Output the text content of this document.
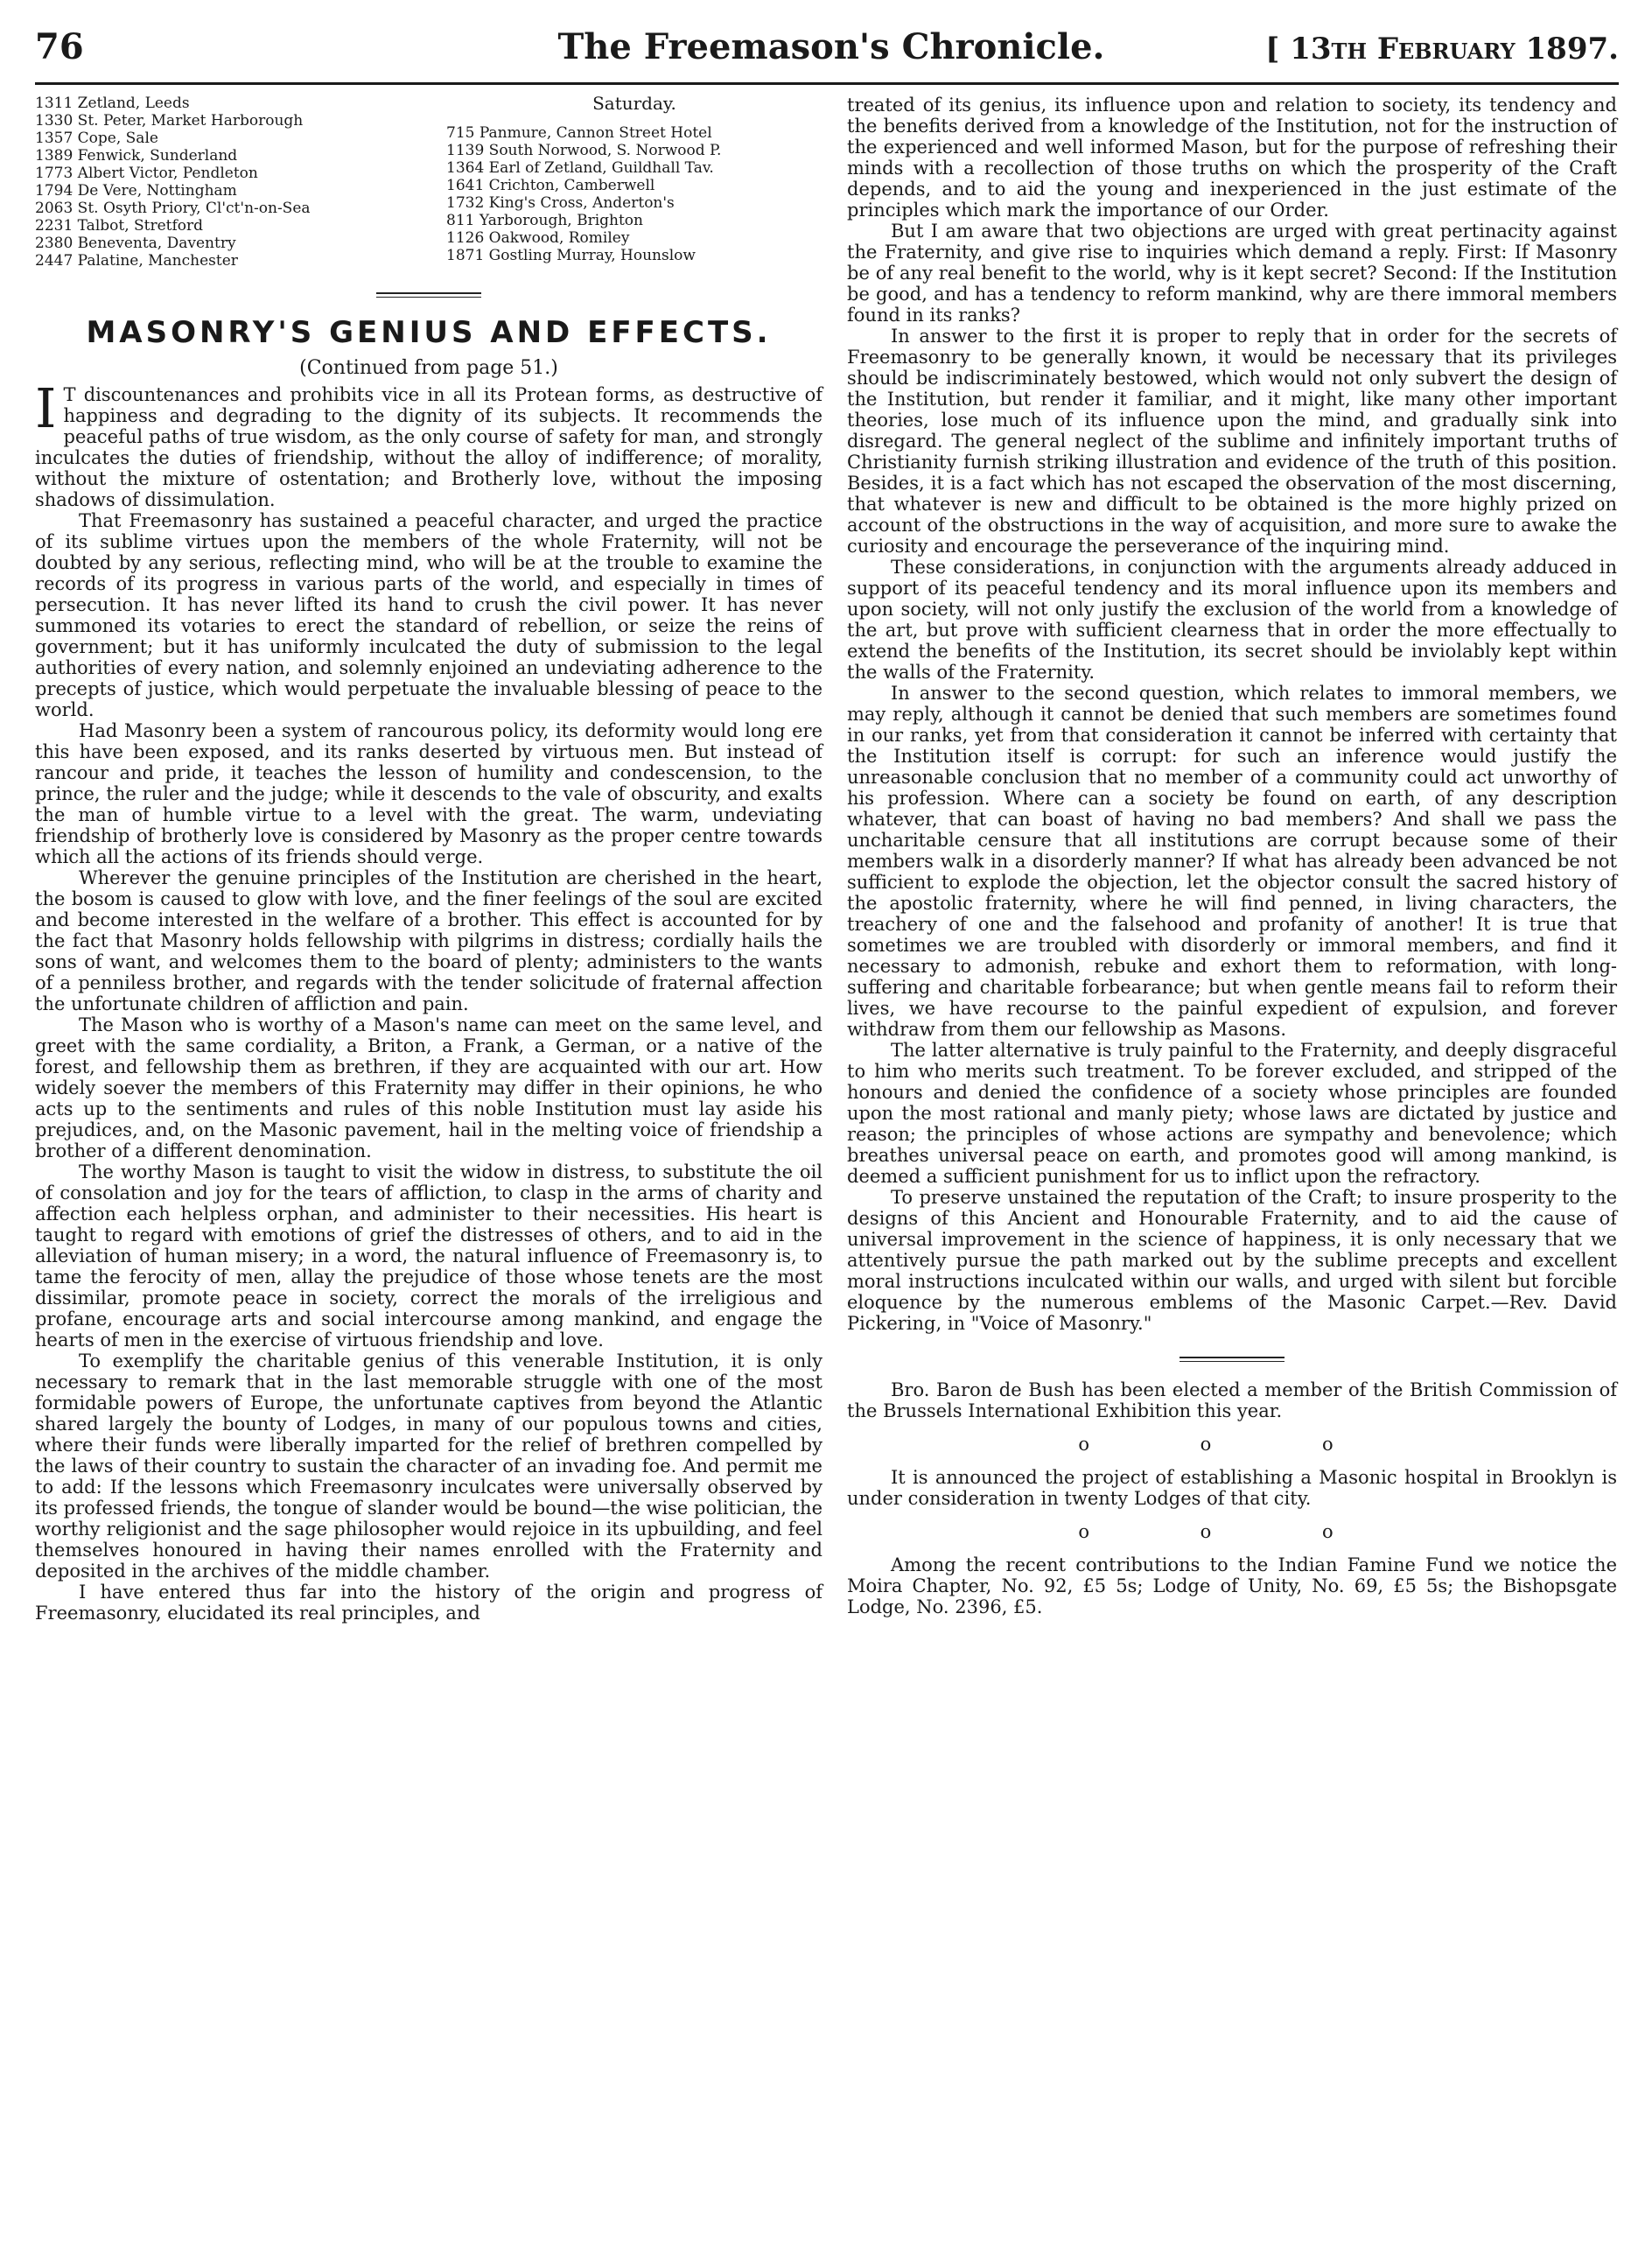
76	The Freemason's Chronicle.	[ 13th February 1897.
1311 Zetland, Leeds
1330 St. Peter, Market Harborough
1357 Cope, Sale
1389 Fenwick, Sunderland
1773 Albert Victor, Pendleton
1794 De Vere, Nottingham
2063 St. Osyth Priory, Cl'ct'n-on-Sea
2231 Talbot, Stretford
2380 Beneventa, Daventry
2447 Palatine, Manchester
Saturday.
715 Panmure, Cannon Street Hotel
1139 South Norwood, S. Norwood P.
1364 Earl of Zetland, Guildhall Tav.
1641 Crichton, Camberwell
1732 King's Cross, Anderton's
811 Yarborough, Brighton
1126 Oakwood, Romiley
1871 Gostling Murray, Hounslow
MASONRY'S GENIUS AND EFFECTS.
(Continued from page 51.)

I T discountenances and prohibits vice in all its Protean forms, as destructive of happiness and degrading to the dignity of its subjects. It recommends the peaceful paths of true wisdom, as the only course of safety for man, and strongly inculcates the duties of friendship, without the alloy of indifference; of morality, without the mixture of ostentation; and Brotherly love, without the imposing shadows of dissimulation.

That Freemasonry has sustained a peaceful character, and urged the practice of its sublime virtues upon the members of the whole Fraternity, will not be doubted by any serious, reflecting mind, who will be at the trouble to examine the records of its progress in various parts of the world, and especially in times of persecution. It has never lifted its hand to crush the civil power. It has never summoned its votaries to erect the standard of rebellion, or seize the reins of government; but it has uniformly inculcated the duty of submission to the legal authorities of every nation, and solemnly enjoined an undeviating adherence to the precepts of justice, which would perpetuate the invaluable blessing of peace to the world.

Had Masonry been a system of rancourous policy, its deformity would long ere this have been exposed, and its ranks deserted by virtuous men. But instead of rancour and pride, it teaches the lesson of humility and condescension, to the prince, the ruler and the judge; while it descends to the vale of obscurity, and exalts the man of humble virtue to a level with the great. The warm, undeviating friendship of brotherly love is considered by Masonry as the proper centre towards which all the actions of its friends should verge.

Wherever the genuine principles of the Institution are cherished in the heart, the bosom is caused to glow with love, and the finer feelings of the soul are excited and become interested in the welfare of a brother. This effect is accounted for by the fact that Masonry holds fellowship with pilgrims in distress; cordially hails the sons of want, and welcomes them to the board of plenty; administers to the wants of a penniless brother, and regards with the tender solicitude of fraternal affection the unfortunate children of affliction and pain.

The Mason who is worthy of a Mason's name can meet on the same level, and greet with the same cordiality, a Briton, a Frank, a German, or a native of the forest, and fellowship them as brethren, if they are acquainted with our art. How widely soever the members of this Fraternity may differ in their opinions, he who acts up to the sentiments and rules of this noble Institution must lay aside his prejudices, and, on the Masonic pavement, hail in the melting voice of friendship a brother of a different denomination.

The worthy Mason is taught to visit the widow in distress, to substitute the oil of consolation and joy for the tears of affliction, to clasp in the arms of charity and affection each helpless orphan, and administer to their necessities. His heart is taught to regard with emotions of grief the distresses of others, and to aid in the alleviation of human misery; in a word, the natural influence of Freemasonry is, to tame the ferocity of men, allay the prejudice of those whose tenets are the most dissimilar, promote peace in society, correct the morals of the irreligious and profane, encourage arts and social intercourse among mankind, and engage the hearts of men in the exercise of virtuous friendship and love.

To exemplify the charitable genius of this venerable Institution, it is only necessary to remark that in the last memorable struggle with one of the most formidable powers of Europe, the unfortunate captives from beyond the Atlantic shared largely the bounty of Lodges, in many of our populous towns and cities, where their funds were liberally imparted for the relief of brethren compelled by the laws of their country to sustain the character of an invading foe. And permit me to add: If the lessons which Freemasonry inculcates were universally observed by its professed friends, the tongue of slander would be bound—the wise politician, the worthy religionist and the sage philosopher would rejoice in its upbuilding, and feel themselves honoured in having their names enrolled with the Fraternity and deposited in the archives of the middle chamber.

I have entered thus far into the history of the origin and progress of Freemasonry, elucidated its real principles, and

treated of its genius, its influence upon and relation to society, its tendency and the benefits derived from a knowledge of the Institution, not for the instruction of the experienced and well informed Mason, but for the purpose of refreshing their minds with a recollection of those truths on which the prosperity of the Craft depends, and to aid the young and inexperienced in the just estimate of the principles which mark the importance of our Order.

But I am aware that two objections are urged with great pertinacity against the Fraternity, and give rise to inquiries which demand a reply. First: If Masonry be of any real benefit to the world, why is it kept secret? Second: If the Institution be good, and has a tendency to reform mankind, why are there immoral members found in its ranks?

In answer to the first it is proper to reply that in order for the secrets of Freemasonry to be generally known, it would be necessary that its privileges should be indiscriminately bestowed, which would not only subvert the design of the Institution, but render it familiar, and it might, like many other important theories, lose much of its influence upon the mind, and gradually sink into disregard. The general neglect of the sublime and infinitely important truths of Christianity furnish striking illustration and evidence of the truth of this position. Besides, it is a fact which has not escaped the observation of the most discerning, that whatever is new and difficult to be obtained is the more highly prized on account of the obstructions in the way of acquisition, and more sure to awake the curiosity and encourage the perseverance of the inquiring mind.

These considerations, in conjunction with the arguments already adduced in support of its peaceful tendency and its moral influence upon its members and upon society, will not only justify the exclusion of the world from a knowledge of the art, but prove with sufficient clearness that in order the more effectually to extend the benefits of the Institution, its secret should be inviolably kept within the walls of the Fraternity.

In answer to the second question, which relates to immoral members, we may reply, although it cannot be denied that such members are sometimes found in our ranks, yet from that consideration it cannot be inferred with certainty that the Institution itself is corrupt: for such an inference would justify the unreasonable conclusion that no member of a community could act unworthy of his profession. Where can a society be found on earth, of any description whatever, that can boast of having no bad members? And shall we pass the uncharitable censure that all institutions are corrupt because some of their members walk in a disorderly manner? If what has already been advanced be not sufficient to explode the objection, let the objector consult the sacred history of the apostolic fraternity, where he will find penned, in living characters, the treachery of one and the falsehood and profanity of another! It is true that sometimes we are troubled with disorderly or immoral members, and find it necessary to admonish, rebuke and exhort them to reformation, with long-suffering and charitable forbearance; but when gentle means fail to reform their lives, we have recourse to the painful expedient of expulsion, and forever withdraw from them our fellowship as Masons.

The latter alternative is truly painful to the Fraternity, and deeply disgraceful to him who merits such treatment. To be forever excluded, and stripped of the honours and denied the confidence of a society whose principles are founded upon the most rational and manly piety; whose laws are dictated by justice and reason; the principles of whose actions are sympathy and benevolence; which breathes universal peace on earth, and promotes good will among mankind, is deemed a sufficient punishment for us to inflict upon the refractory.

To preserve unstained the reputation of the Craft; to insure prosperity to the designs of this Ancient and Honourable Fraternity, and to aid the cause of universal improvement in the science of happiness, it is only necessary that we attentively pursue the path marked out by the sublime precepts and excellent moral instructions inculcated within our walls, and urged with silent but forcible eloquence by the numerous emblems of the Masonic Carpet.—Rev. David Pickering, in "Voice of Masonry."

Bro. Baron de Bush has been elected a member of the British Commission of the Brussels International Exhibition this year.

o o o

It is announced the project of establishing a Masonic hospital in Brooklyn is under consideration in twenty Lodges of that city.

o o o

Among the recent contributions to the Indian Famine Fund we notice the Moira Chapter, No. 92, £5 5s; Lodge of Unity, No. 69, £5 5s; the Bishopsgate Lodge, No. 2396, £5.
